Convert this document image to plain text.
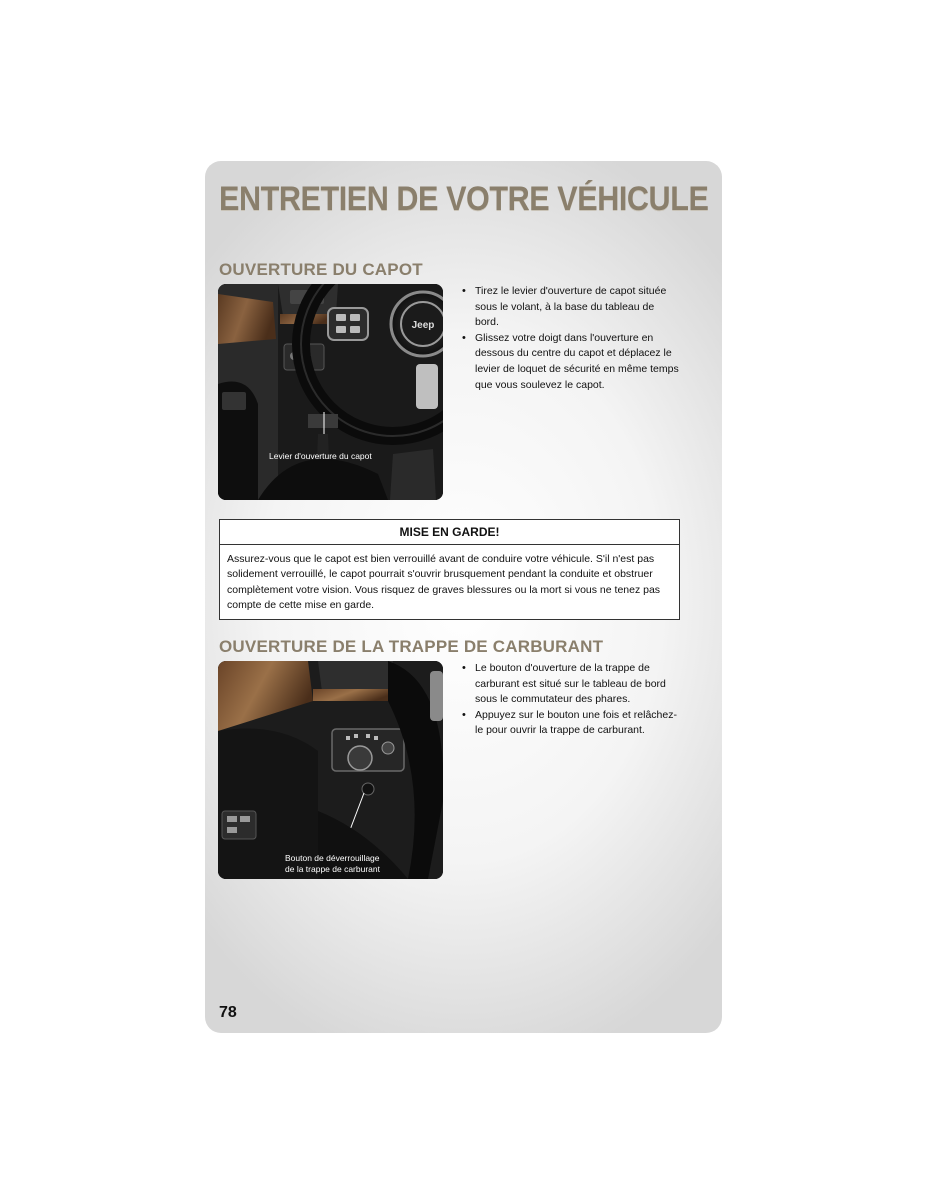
ENTRETIEN DE VOTRE VÉHICULE
OUVERTURE DU CAPOT
Jeep
Levier d'ouverture du capot
• Tirez le levier d'ouverture de capot située sous le volant, à la base du tableau de bord.
• Glissez votre doigt dans l'ouverture en dessous du centre du capot et déplacez le levier de loquet de sécurité en même temps que vous soulevez le capot.
MISE EN GARDE!
Assurez-vous que le capot est bien verrouillé avant de conduire votre véhicule. S'il n'est pas solidement verrouillé, le capot pourrait s'ouvrir brusquement pendant la conduite et obstruer complètement votre vision. Vous risquez de graves blessures ou la mort si vous ne tenez pas compte de cette mise en garde.
OUVERTURE DE LA TRAPPE DE CARBURANT
Bouton de déverrouillage
de la trappe de carburant
• Le bouton d'ouverture de la trappe de carburant est situé sur le tableau de bord sous le commutateur des phares.
• Appuyez sur le bouton une fois et relâchez-le pour ouvrir la trappe de carburant.

78
